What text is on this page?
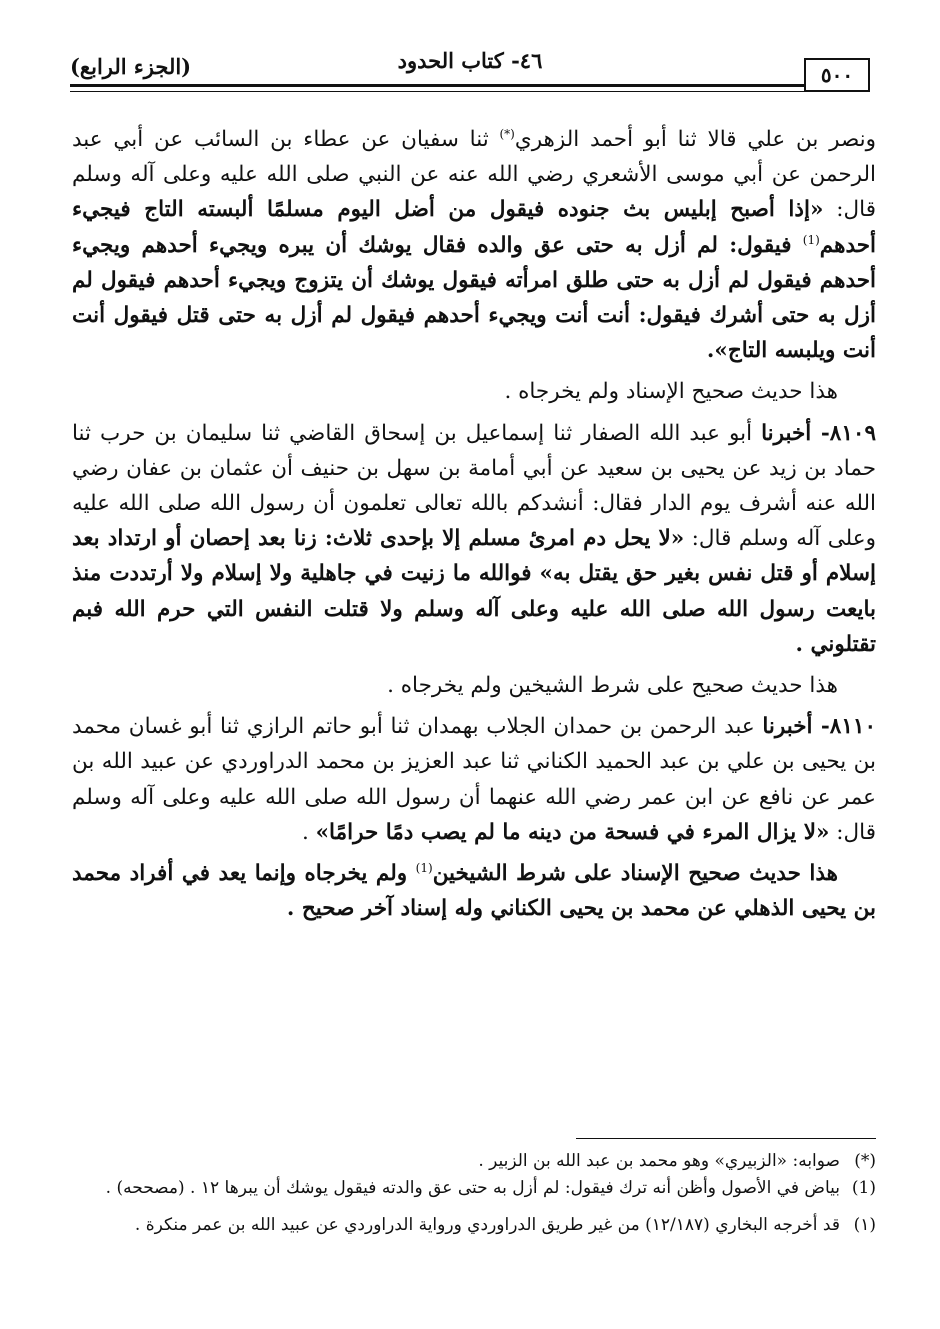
٥٠٠
٤٦- كتاب الحدود
(الجزء الرابع)

ونصر بن علي قالا ثنا أبو أحمد الزهري(*) ثنا سفيان عن عطاء بن السائب عن أبي عبد الرحمن عن أبي موسى الأشعري رضي الله عنه عن النبي صلى الله عليه وعلى آله وسلم قال: «إذا أصبح إبليس بث جنوده فيقول من أضل اليوم مسلمًا ألبسته التاج فيجيء أحدهم$^{(1)}$ فيقول: لم أزل به حتى عق والده فقال يوشك أن يبره ويجيء أحدهم ويجيء أحدهم فيقول لم أزل به حتى طلق امرأته فيقول يوشك أن يتزوج ويجيء أحدهم فيقول لم أزل به حتى أشرك فيقول: أنت أنت ويجيء أحدهم فيقول لم أزل به حتى قتل فيقول أنت أنت ويلبسه التاج».

هذا حديث صحيح الإسناد ولم يخرجاه .

٨١٠٩- أخبرنا أبو عبد الله الصفار ثنا إسماعيل بن إسحاق القاضي ثنا سليمان بن حرب ثنا حماد بن زيد عن يحيى بن سعيد عن أبي أمامة بن سهل بن حنيف أن عثمان بن عفان رضي الله عنه أشرف يوم الدار فقال: أنشدكم بالله تعالى تعلمون أن رسول الله صلى الله عليه وعلى آله وسلم قال: «لا يحل دم امرئ مسلم إلا بإحدى ثلاث: زنا بعد إحصان أو ارتداد بعد إسلام أو قتل نفس بغير حق يقتل به» فوالله ما زنيت في جاهلية ولا إسلام ولا أرتددت منذ بايعت رسول الله صلى الله عليه وعلى آله وسلم ولا قتلت النفس التي حرم الله فبم تقتلوني .

هذا حديث صحيح على شرط الشيخين ولم يخرجاه .

٨١١٠- أخبرنا عبد الرحمن بن حمدان الجلاب بهمدان ثنا أبو حاتم الرازي ثنا أبو غسان محمد بن يحيى بن علي بن عبد الحميد الكناني ثنا عبد العزيز بن محمد الدراوردي عن عبيد الله بن عمر عن نافع عن ابن عمر رضي الله عنهما أن رسول الله صلى الله عليه وعلى آله وسلم قال: «لا يزال المرء في فسحة من دينه ما لم يصب دمًا حرامًا» .

هذا حديث صحيح الإسناد على شرط الشيخين$^{(1)}$ ولم يخرجاه وإنما يعد في أفراد محمد بن يحيى الذهلي عن محمد بن يحيى الكناني وله إسناد آخر صحيح .

(*)
صوابه: «الزبيري» وهو محمد بن عبد الله بن الزبير .
(1)
بياض في الأصول وأظن أنه ترك فيقول: لم أزل به حتى عق والدته فيقول يوشك أن يبرها ١٢ . (مصححه) .
(١)
قد أخرجه البخاري (١٢/١٨٧) من غير طريق الدراوردي ورواية الدراوردي عن عبيد الله بن عمر منكرة .
